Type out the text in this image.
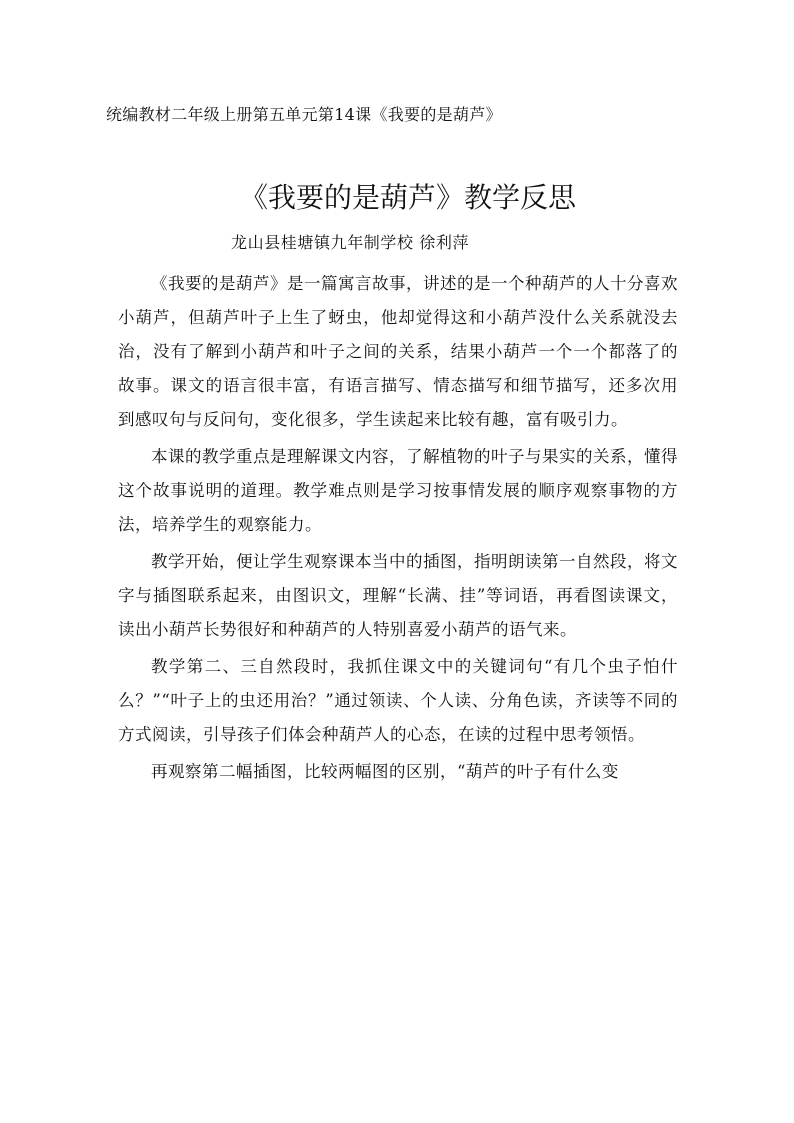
统编教材二年级上册第五单元第14课《我要的是葫芦》
《我要的是葫芦》教学反思
龙山县桂塘镇九年制学校 徐利萍

《我要的是葫芦》是一篇寓言故事，讲述的是一个种葫芦的人十分喜欢小葫芦，但葫芦叶子上生了蚜虫，他却觉得这和小葫芦没什么关系就没去治，没有了解到小葫芦和叶子之间的关系，结果小葫芦一个一个都落了的故事。课文的语言很丰富，有语言描写、情态描写和细节描写，还多次用到感叹句与反问句，变化很多，学生读起来比较有趣，富有吸引力。

本课的教学重点是理解课文内容，了解植物的叶子与果实的关系，懂得这个故事说明的道理。教学难点则是学习按事情发展的顺序观察事物的方法，培养学生的观察能力。

教学开始，便让学生观察课本当中的插图，指明朗读第一自然段，将文字与插图联系起来，由图识文，理解“长满、挂”等词语，再看图读课文，读出小葫芦长势很好和种葫芦的人特别喜爱小葫芦的语气来。

教学第二、三自然段时，我抓住课文中的关键词句“有几个虫子怕什么？”“叶子上的虫还用治？”通过领读、个人读、分角色读，齐读等不同的方式阅读，引导孩子们体会种葫芦人的心态，在读的过程中思考领悟。

再观察第二幅插图，比较两幅图的区别，“葫芦的叶子有什么变
